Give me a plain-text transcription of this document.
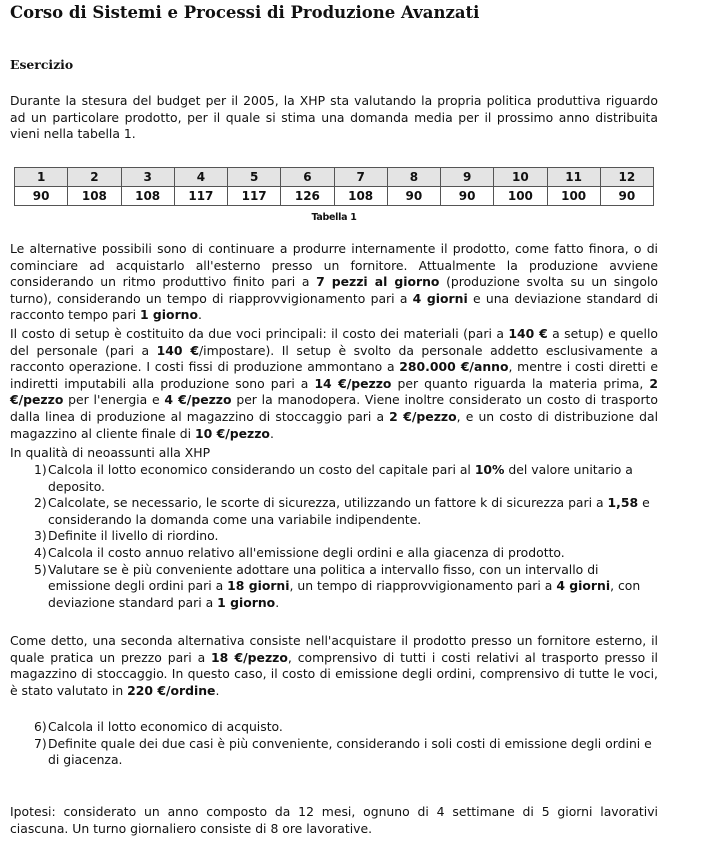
Corso di Sistemi e Processi di Produzione Avanzati
Esercizio
Durante la stesura del budget per il 2005, la XHP sta valutando la propria politica produttiva riguardo ad un particolare prodotto, per il quale si stima una domanda media per il prossimo anno distribuita vieni nella tabella 1.
1	2	3	4	5	6	7	8	9	10	11	12
90	108	108	117	117	126	108	90	90	100	100	90
Tabella 1
Le alternative possibili sono di continuare a produrre internamente il prodotto, come fatto finora, o di cominciare ad acquistarlo all'esterno presso un fornitore. Attualmente la produzione avviene considerando un ritmo produttivo finito pari a 7 pezzi al giorno (produzione svolta su un singolo turno), considerando un tempo di riapprovvigionamento pari a 4 giorni e una deviazione standard di racconto tempo pari 1 giorno.
Il costo di setup è costituito da due voci principali: il costo dei materiali (pari a 140 € a setup) e quello del personale (pari a 140 €/impostare). Il setup è svolto da personale addetto esclusivamente a racconto operazione. I costi fissi di produzione ammontano a 280.000 €/anno, mentre i costi diretti e indiretti imputabili alla produzione sono pari a 14 €/pezzo per quanto riguarda la materia prima, 2 €/pezzo per l'energia e 4 €/pezzo per la manodopera. Viene inoltre considerato un costo di trasporto dalla linea di produzione al magazzino di stoccaggio pari a 2 €/pezzo, e un costo di distribuzione dal magazzino al cliente finale di 10 €/pezzo.
In qualità di neoassunti alla XHP
1)Calcola il lotto economico considerando un costo del capitale pari al 10% del valore unitario a deposito.
2)Calcolate, se necessario, le scorte di sicurezza, utilizzando un fattore k di sicurezza pari a 1,58 e considerando la domanda come una variabile indipendente.
3)Definite il livello di riordino.
4)Calcola il costo annuo relativo all'emissione degli ordini e alla giacenza di prodotto.
5)Valutare se è più conveniente adottare una politica a intervallo fisso, con un intervallo di emissione degli ordini pari a 18 giorni, un tempo di riapprovvigionamento pari a 4 giorni, con deviazione standard pari a 1 giorno.
Come detto, una seconda alternativa consiste nell'acquistare il prodotto presso un fornitore esterno, il quale pratica un prezzo pari a 18 €/pezzo, comprensivo di tutti i costi relativi al trasporto presso il magazzino di stoccaggio. In questo caso, il costo di emissione degli ordini, comprensivo di tutte le voci, è stato valutato in 220 €/ordine.
6)Calcola il lotto economico di acquisto.
7)Definite quale dei due casi è più conveniente, considerando i soli costi di emissione degli ordini e di giacenza.
Ipotesi: considerato un anno composto da 12 mesi, ognuno di 4 settimane di 5 giorni lavorativi ciascuna. Un turno giornaliero consiste di 8 ore lavorative.
